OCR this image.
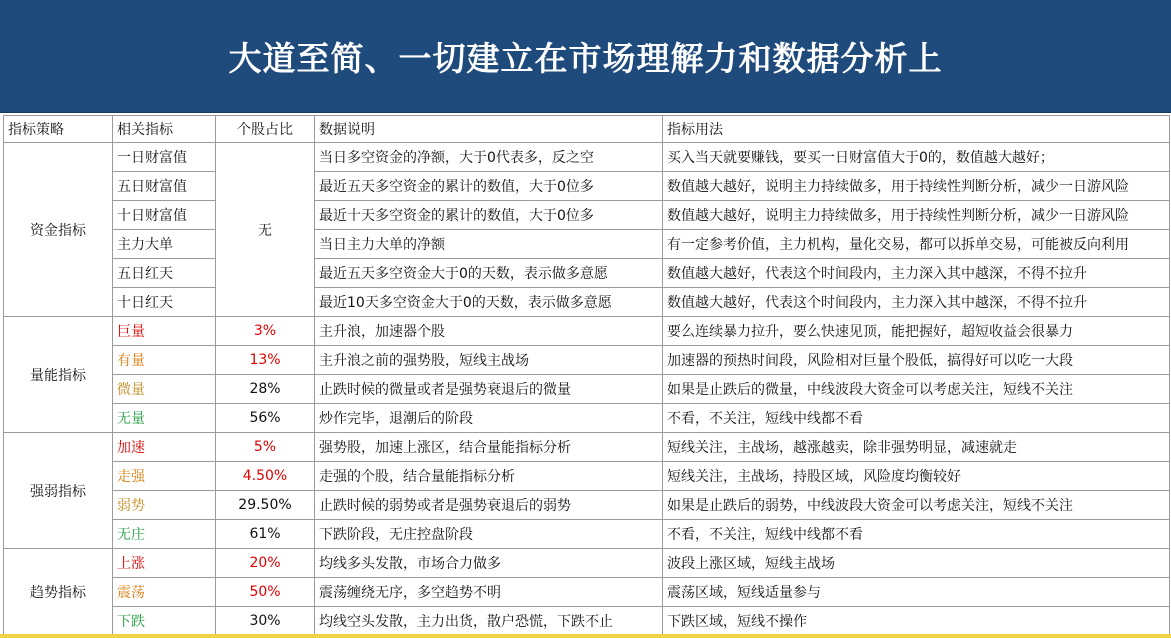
大道至简、一切建立在市场理解力和数据分析上
指标策略	相关指标	个股占比	数据说明	指标用法
资金指标	一日财富值	无	当日多空资金的净额，大于0代表多，反之空	买入当天就要赚钱，要买一日财富值大于0的，数值越大越好；
	五日财富值		最近五天多空资金的累计的数值，大于0位多	数值越大越好，说明主力持续做多，用于持续性判断分析，减少一日游风险
	十日财富值		最近十天多空资金的累计的数值，大于0位多	数值越大越好，说明主力持续做多，用于持续性判断分析，减少一日游风险
	主力大单		当日主力大单的净额	有一定参考价值，主力机构，量化交易，都可以拆单交易，可能被反向利用
	五日红天		最近五天多空资金大于0的天数，表示做多意愿	数值越大越好，代表这个时间段内，主力深入其中越深，不得不拉升
	十日红天		最近10天多空资金大于0的天数，表示做多意愿	数值越大越好，代表这个时间段内，主力深入其中越深，不得不拉升
量能指标	巨量	3%	主升浪，加速器个股	要么连续暴力拉升，要么快速见顶，能把握好，超短收益会很暴力
	有量	13%	主升浪之前的强势股，短线主战场	加速器的预热时间段，风险相对巨量个股低，搞得好可以吃一大段
	微量	28%	止跌时候的微量或者是强势衰退后的微量	如果是止跌后的微量，中线波段大资金可以考虑关注，短线不关注
	无量	56%	炒作完毕，退潮后的阶段	不看，不关注，短线中线都不看
强弱指标	加速	5%	强势股，加速上涨区，结合量能指标分析	短线关注，主战场，越涨越卖，除非强势明显，减速就走
	走强	4.50%	走强的个股，结合量能指标分析	短线关注，主战场，持股区域，风险度均衡较好
	弱势	29.50%	止跌时候的弱势或者是强势衰退后的弱势	如果是止跌后的弱势，中线波段大资金可以考虑关注，短线不关注
	无庄	61%	下跌阶段，无庄控盘阶段	不看，不关注，短线中线都不看
趋势指标	上涨	20%	均线多头发散，市场合力做多	波段上涨区域，短线主战场
	震荡	50%	震荡缠绕无序，多空趋势不明	震荡区域，短线适量参与
	下跌	30%	均线空头发散，主力出货，散户恐慌，下跌不止	下跌区域，短线不操作
